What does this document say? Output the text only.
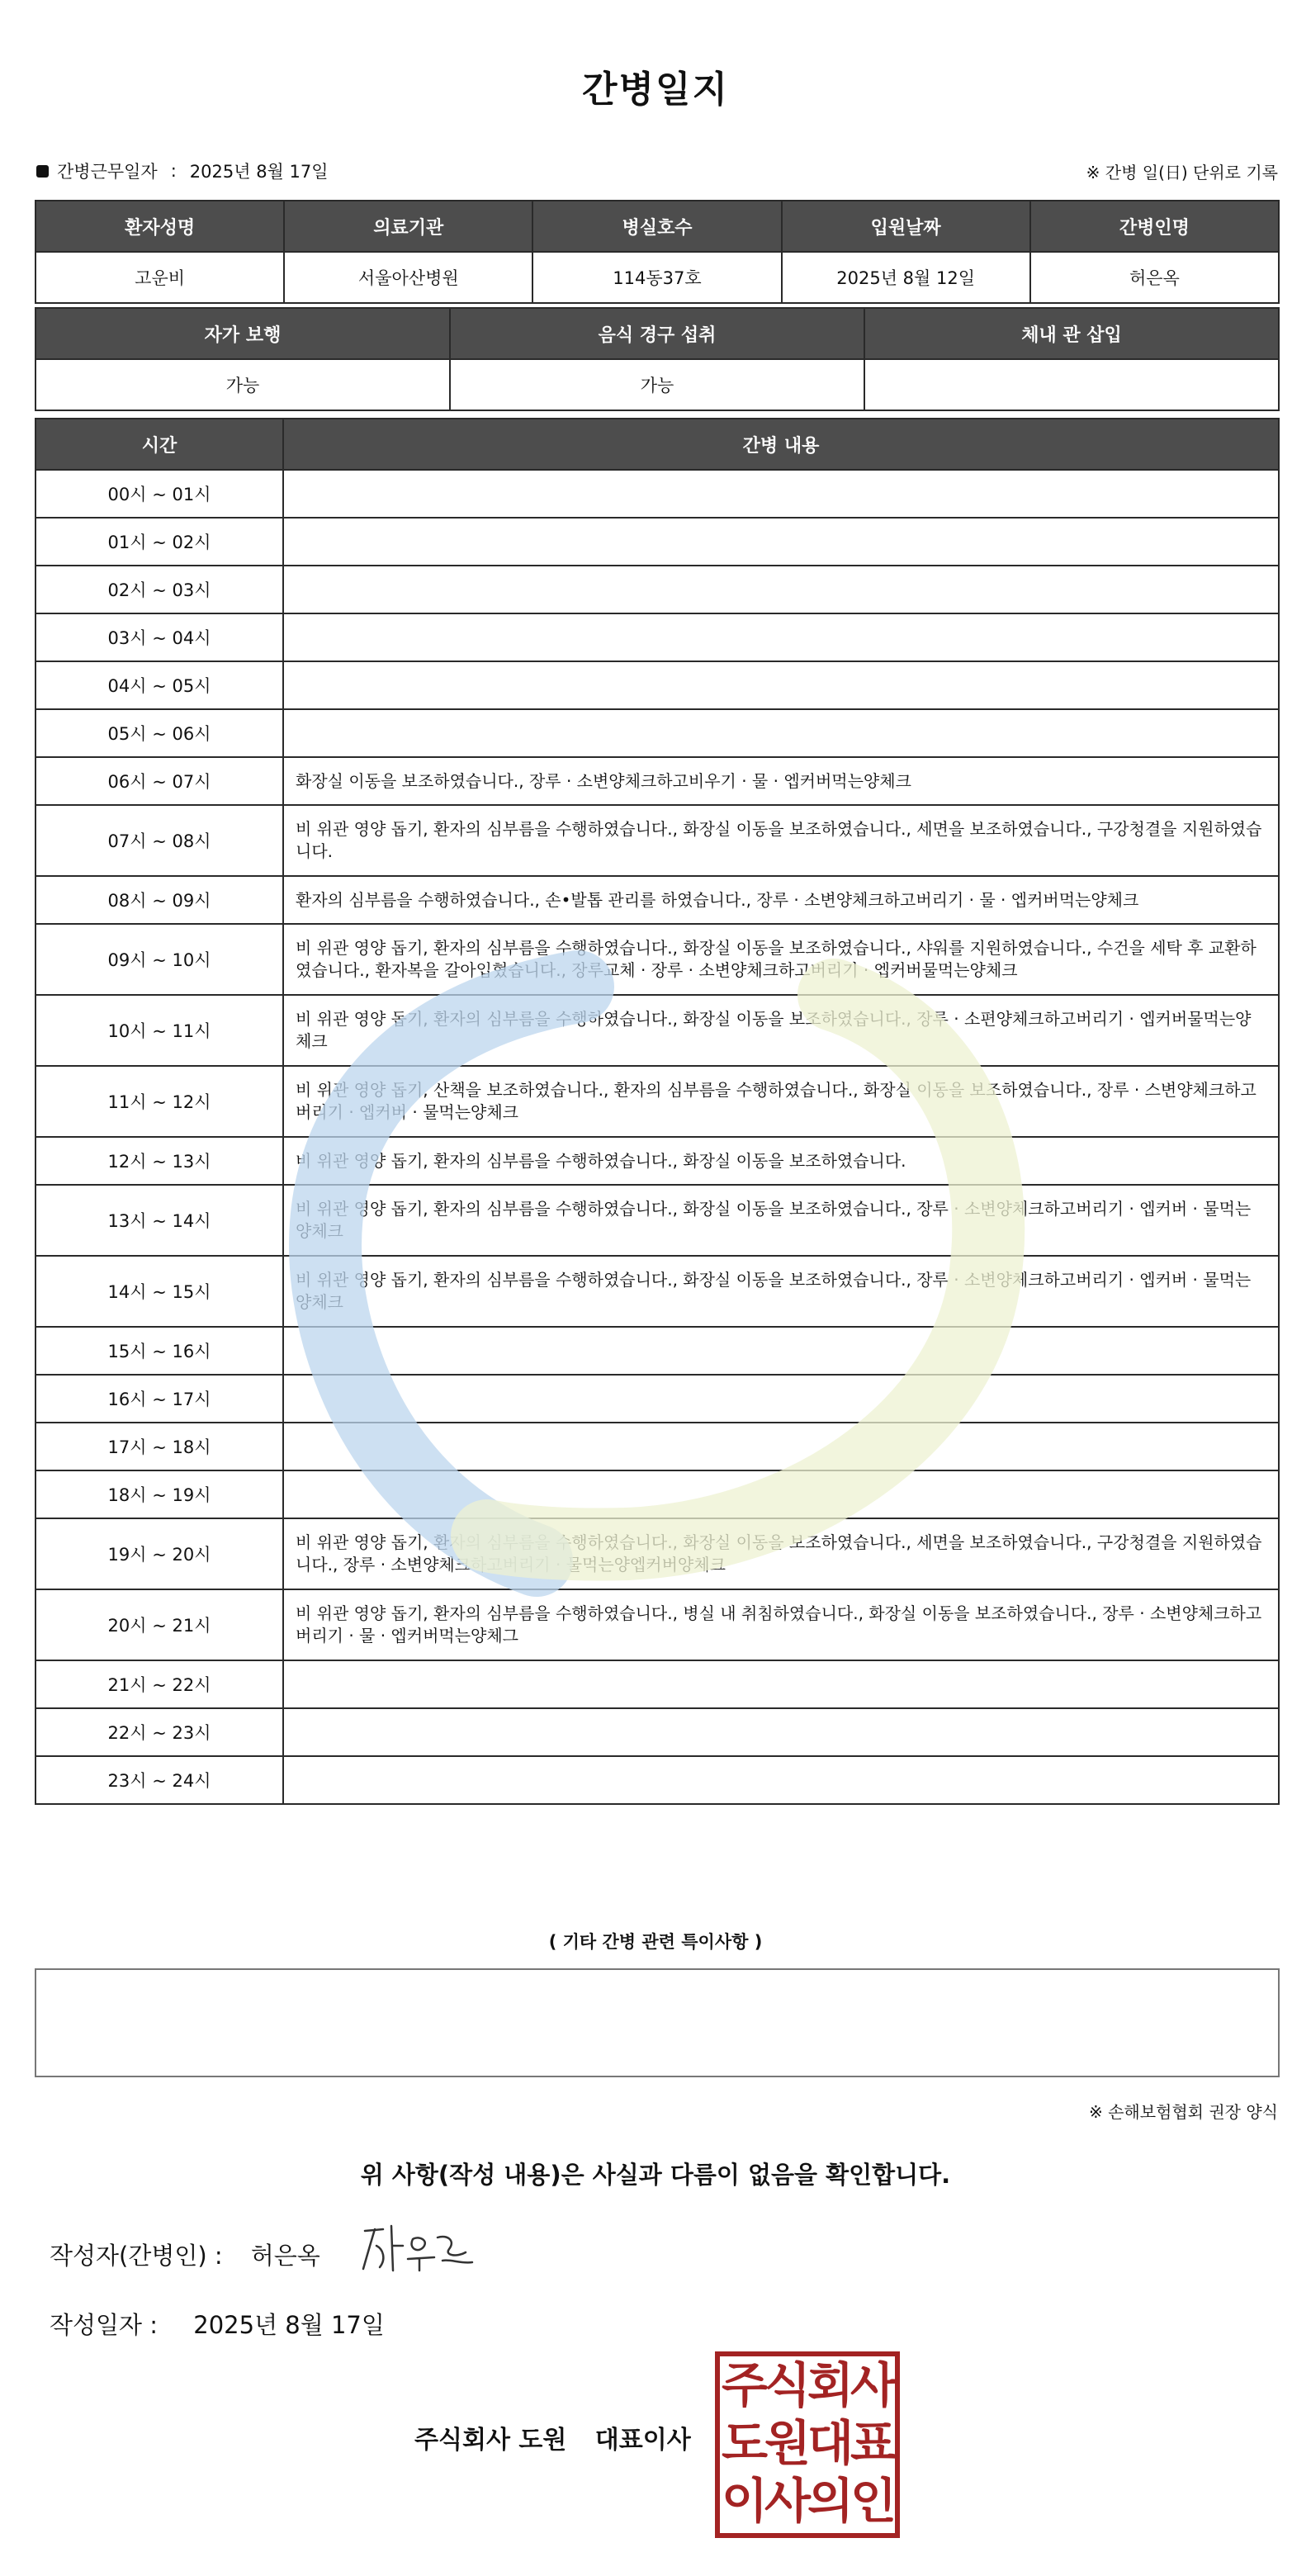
간병일지
간병근무일자 : 2025년 8월 17일	※ 간병 일(日) 단위로 기록
환자성명	의료기관	병실호수	입원날짜	간병인명
고운비	서울아산병원	114동37호	2025년 8월 12일	허은옥
자가 보행	음식 경구 섭취	체내 관 삽입
가능	가능	
시간	간병 내용
00시 ~ 01시	
01시 ~ 02시	
02시 ~ 03시	
03시 ~ 04시	
04시 ~ 05시	
05시 ~ 06시	
06시 ~ 07시	화장실 이동을 보조하였습니다., 장루 · 소변양체크하고비우기 · 물 · 엡커버먹는양체크
07시 ~ 08시	비 위관 영양 돕기, 환자의 심부름을 수행하였습니다., 화장실 이동을 보조하였습니다., 세면을 보조하였습니다., 구강청결을 지원하였습니다.
08시 ~ 09시	환자의 심부름을 수행하였습니다., 손•발톱 관리를 하였습니다., 장루 · 소변양체크하고버리기 · 물 · 엡커버먹는양체크
09시 ~ 10시	비 위관 영양 돕기, 환자의 심부름을 수행하였습니다., 화장실 이동을 보조하였습니다., 샤워를 지원하였습니다., 수건을 세탁 후 교환하였습니다., 환자복을 갈아입혔습니다., 장루교체 · 장루 · 소변양체크하고버리기 · 엡커버물먹는양체크
10시 ~ 11시	비 위관 영양 돕기, 환자의 심부름을 수행하였습니다., 화장실 이동을 보조하였습니다., 장루 · 소편양체크하고버리기 · 엡커버물먹는양체크
11시 ~ 12시	비 위관 영양 돕기, 산책을 보조하였습니다., 환자의 심부름을 수행하였습니다., 화장실 이동을 보조하였습니다., 장루 · 스변양체크하고버리기 · 엡커버 · 물먹는양체크
12시 ~ 13시	비 위관 영양 돕기, 환자의 심부름을 수행하였습니다., 화장실 이동을 보조하였습니다.
13시 ~ 14시	비 위관 영양 돕기, 환자의 심부름을 수행하였습니다., 화장실 이동을 보조하였습니다., 장루 · 소변양체크하고버리기 · 엡커버 · 물먹는양체크
14시 ~ 15시	비 위관 영양 돕기, 환자의 심부름을 수행하였습니다., 화장실 이동을 보조하였습니다., 장루 · 소변양체크하고버리기 · 엡커버 · 물먹는양체크
15시 ~ 16시	
16시 ~ 17시	
17시 ~ 18시	
18시 ~ 19시	
19시 ~ 20시	비 위관 영양 돕기, 환자의 심부름을 수행하였습니다., 화장실 이동을 보조하였습니다., 세면을 보조하였습니다., 구강청결을 지원하였습니다., 장루 · 소변양체크하고버리기 · 물먹는양엡커버양체크
20시 ~ 21시	비 위관 영양 돕기, 환자의 심부름을 수행하였습니다., 병실 내 취침하였습니다., 화장실 이동을 보조하였습니다., 장루 · 소변양체크하고버리기 · 물 · 엡커버먹는양체그
21시 ~ 22시	
22시 ~ 23시	
23시 ~ 24시	
( 기타 간병 관련 특이사항 )
※ 손해보험협회 권장 양식
위 사항(작성 내용)은 사실과 다름이 없음을 확인합니다.
작성자(간병인) : 허은옥
작성일자 : 2025년 8월 17일
주식회사 도원 대표이사
주식회사
도원대표
이사의인
